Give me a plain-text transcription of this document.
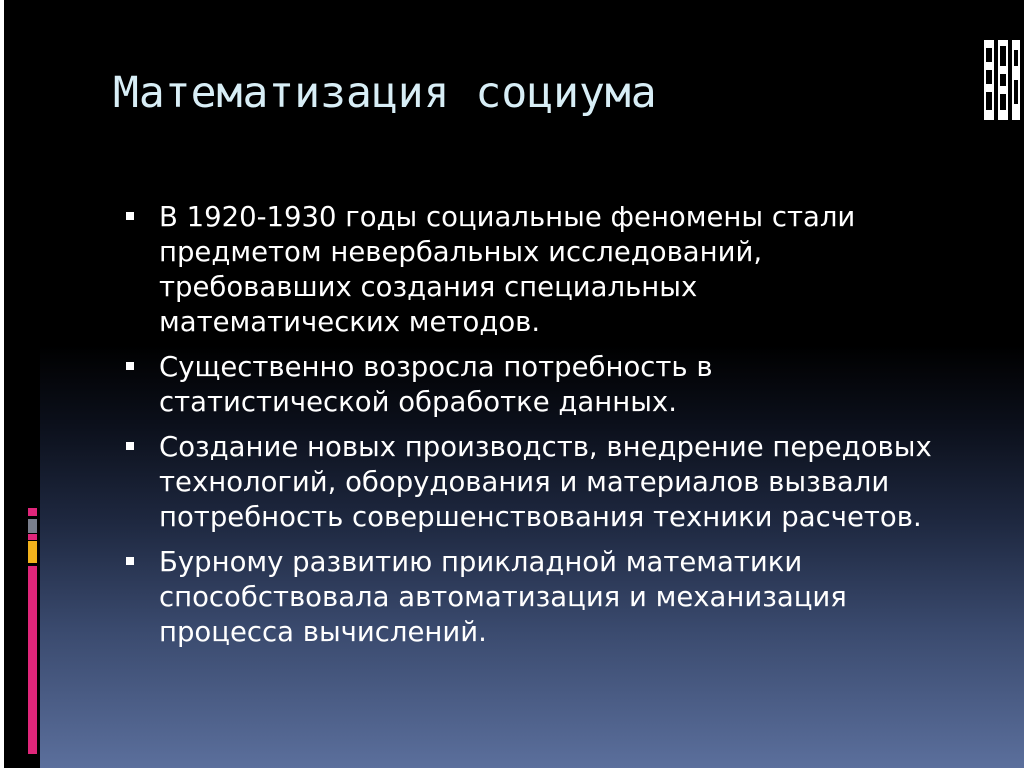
Математизация социума
В 1920-1930 годы социальные феномены стали предметом невербальных исследований, требовавших создания специальных математических методов.
Существенно возросла потребность в статистической обработке данных.
Создание новых производств, внедрение передовых технологий, оборудования и материалов вызвали потребность совершенствования техники расчетов.
Бурному развитию прикладной математики способствовала автоматизация и механизация процесса вычислений.
